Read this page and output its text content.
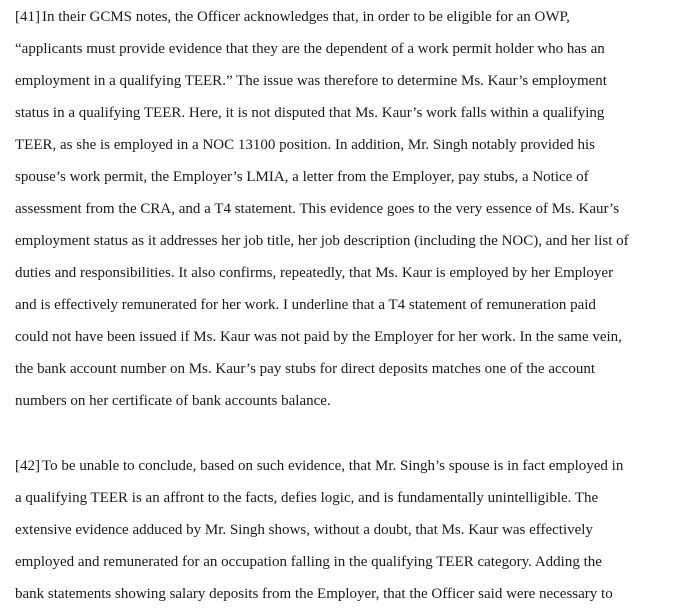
[41] In their GCMS notes, the Officer acknowledges that, in order to be eligible for an OWP,
“applicants must provide evidence that they are the dependent of a work permit holder who has an
employment in a qualifying TEER.” The issue was therefore to determine Ms. Kaur’s employment
status in a qualifying TEER. Here, it is not disputed that Ms. Kaur’s work falls within a qualifying
TEER, as she is employed in a NOC 13100 position. In addition, Mr. Singh notably provided his
spouse’s work permit, the Employer’s LMIA, a letter from the Employer, pay stubs, a Notice of
assessment from the CRA, and a T4 statement. This evidence goes to the very essence of Ms. Kaur’s
employment status as it addresses her job title, her job description (including the NOC), and her list of
duties and responsibilities. It also confirms, repeatedly, that Ms. Kaur is employed by her Employer
and is effectively remunerated for her work. I underline that a T4 statement of remuneration paid
could not have been issued if Ms. Kaur was not paid by the Employer for her work. In the same vein,
the bank account number on Ms. Kaur’s pay stubs for direct deposits matches one of the account
numbers on her certificate of bank accounts balance.
[42] To be unable to conclude, based on such evidence, that Mr. Singh’s spouse is in fact employed in
a qualifying TEER is an affront to the facts, defies logic, and is fundamentally unintelligible. The
extensive evidence adduced by Mr. Singh shows, without a doubt, that Ms. Kaur was effectively
employed and remunerated for an occupation falling in the qualifying TEER category. Adding the
bank statements showing salary deposits from the Employer, that the Officer said were necessary to
